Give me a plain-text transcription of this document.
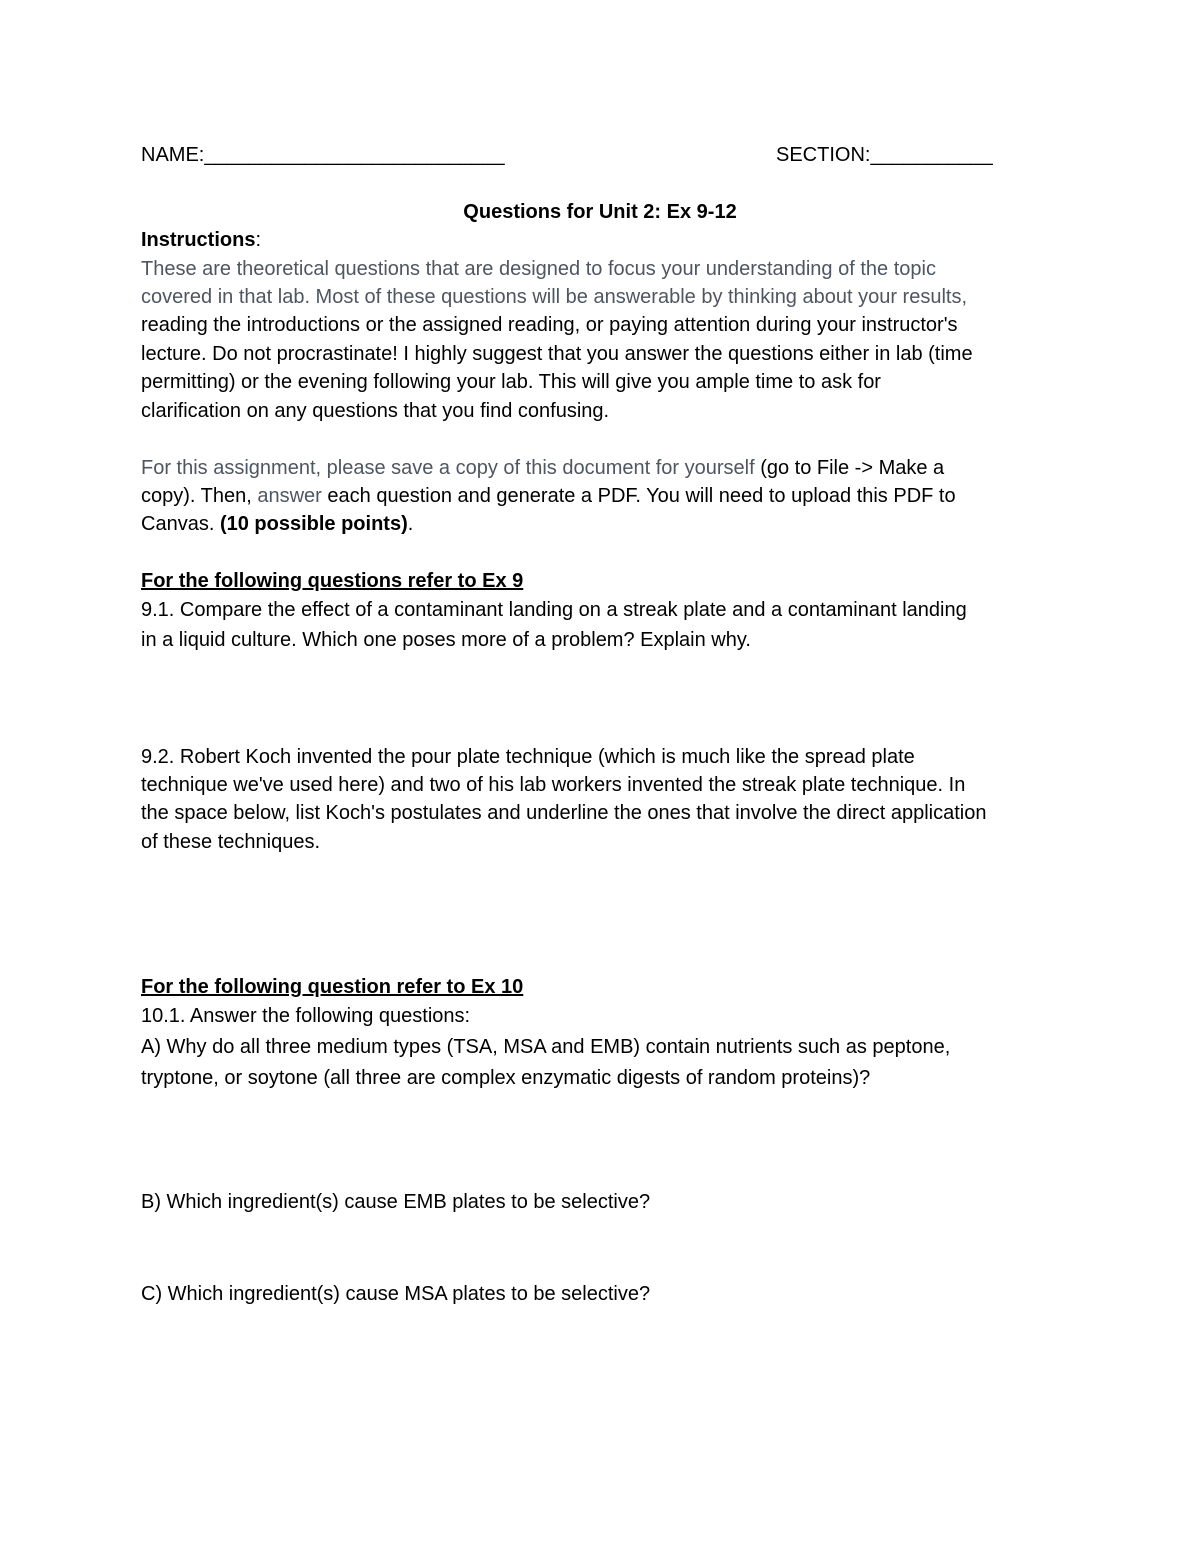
NAME:___________________________	SECTION:___________
Questions for Unit 2: Ex 9-12
Instructions:
These are theoretical questions that are designed to focus your understanding of the topic
covered in that lab. Most of these questions will be answerable by thinking about your results,
reading the introductions or the assigned reading, or paying attention during your instructor's
lecture. Do not procrastinate! I highly suggest that you answer the questions either in lab (time
permitting) or the evening following your lab. This will give you ample time to ask for
clarification on any questions that you find confusing.
For this assignment, please save a copy of this document for yourself (go to File -> Make a
copy). Then, answer each question and generate a PDF. You will need to upload this PDF to
Canvas. (10 possible points).
For the following questions refer to Ex 9
9.1. Compare the effect of a contaminant landing on a streak plate and a contaminant landing
in a liquid culture. Which one poses more of a problem? Explain why.
9.2. Robert Koch invented the pour plate technique (which is much like the spread plate
technique we've used here) and two of his lab workers invented the streak plate technique. In
the space below, list Koch's postulates and underline the ones that involve the direct application
of these techniques.
For the following question refer to Ex 10
10.1. Answer the following questions:
A) Why do all three medium types (TSA, MSA and EMB) contain nutrients such as peptone,
tryptone, or soytone (all three are complex enzymatic digests of random proteins)?
B) Which ingredient(s) cause EMB plates to be selective?
C) Which ingredient(s) cause MSA plates to be selective?
